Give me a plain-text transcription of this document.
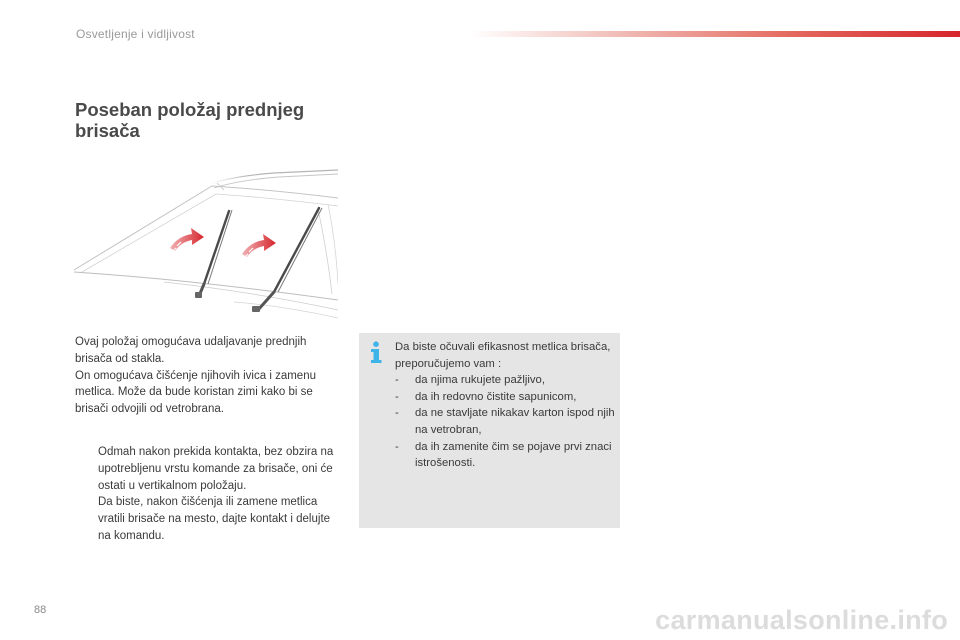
Osvetljenje i vidljivost
Poseban položaj prednjeg brisača

Ovaj položaj omogućava udaljavanje prednjih brisača od stakla.

On omogućava čišćenje njihovih ivica i zamenu metlica. Može da bude koristan zimi kako bi se brisači odvojili od vetrobrana.

Odmah nakon prekida kontakta, bez obzira na upotrebljenu vrstu komande za brisače, oni će ostati u vertikalnom položaju.
Da biste, nakon čišćenja ili zamene metlica vratili brisače na mesto, dajte kontakt i delujte na komandu.

Da biste očuvali efikasnost metlica brisača, preporučujemo vam :

- da njima rukujete pažljivo,
- da ih redovno čistite sapunicom,
- da ne stavljate nikakav karton ispod njih na vetrobran,
- da ih zamenite čim se pojave prvi znaci istrošenosti.
88	carmanualsonline.info
